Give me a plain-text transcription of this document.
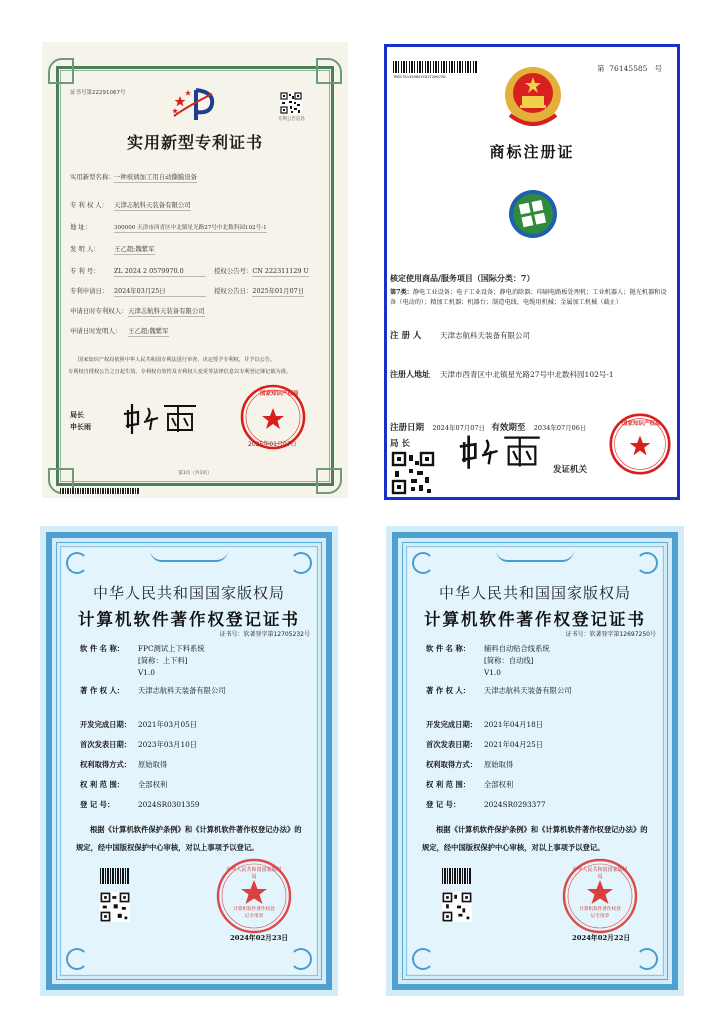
证书号第22291067号
专利公告信息
实用新型专利证书
实用新型名称：一种玻璃加工用自动撕膜设备
专 利 权 人： 天津志航科天装备有限公司
地 址：	300000 天津市西青区中北镇星光路27号中北数科园102号-1
发 明 人： 王乙超;魏紫军
专 利 号： ZL 2024 2 0579970.0	授权公告号：CN 222311129 U
专利申请日： 2024年03月25日	授权公告日：2025年01月07日
申请日时专利权人：天津志航科天装备有限公司
申请日时发明人： 王乙超;魏紫军
国家知识产权局依照中华人民共和国专利法进行审查，决定授予专利权，并予以公告。
专利权自授权公告之日起生效。专利权有效性及专利权人变更等法律信息以专利登记簿记载为准。
局长
申长雨
国家知识产权局
2025年01月07日
第1页（共1页）
TMZC76145585ZC01T2607Z0
第 76145585 号
商标注册证
核定使用商品/服务项目（国际分类：7）
第7类：静电工业设备；电子工业设备；静电消除器；印刷电路板处理机；工业机器人；抛光机器和设备（电动的）；精加工机器；机器台；制造电线、电缆用机械；金属加工机械（截止）
注 册 人 天津志航科天装备有限公司
注册人地址 天津市西青区中北镇星光路27号中北数科园102号-1
注册日期 2024年07月07日 有效期至 2034年07月06日
局 长
国家知识产权局
发证机关
中华人民共和国国家版权局
计算机软件著作权登记证书
证书号：软著登字第12705232号
软 件 名 称： FPC测试上下料系统
[简称：上下料]
V1.0
著 作 权 人： 天津志航科天装备有限公司
开发完成日期： 2021年03月05日
首次发表日期： 2023年03月10日
权利取得方式： 原始取得
权 利 范 围： 全部权利
登 记 号：	2024SR0301359
根据《计算机软件保护条例》和《计算机软件著作权登记办法》的
规定，经中国版权保护中心审核，对以上事项予以登记。
中华人民共和国国家版权局
计算机软件著作权登记专用章
2024年02月23日
中华人民共和国国家版权局
计算机软件著作权登记证书
证书号：软著登字第12697250号
软 件 名 称： 辅料自动贴合线系统
[简称：自动线]
V1.0
著 作 权 人： 天津志航科天装备有限公司
开发完成日期： 2021年04月18日
首次发表日期： 2021年04月25日
权利取得方式： 原始取得
权 利 范 围： 全部权利
登 记 号：	2024SR0293377
根据《计算机软件保护条例》和《计算机软件著作权登记办法》的
规定，经中国版权保护中心审核，对以上事项予以登记。
中华人民共和国国家版权局
计算机软件著作权登记专用章
2024年02月22日
